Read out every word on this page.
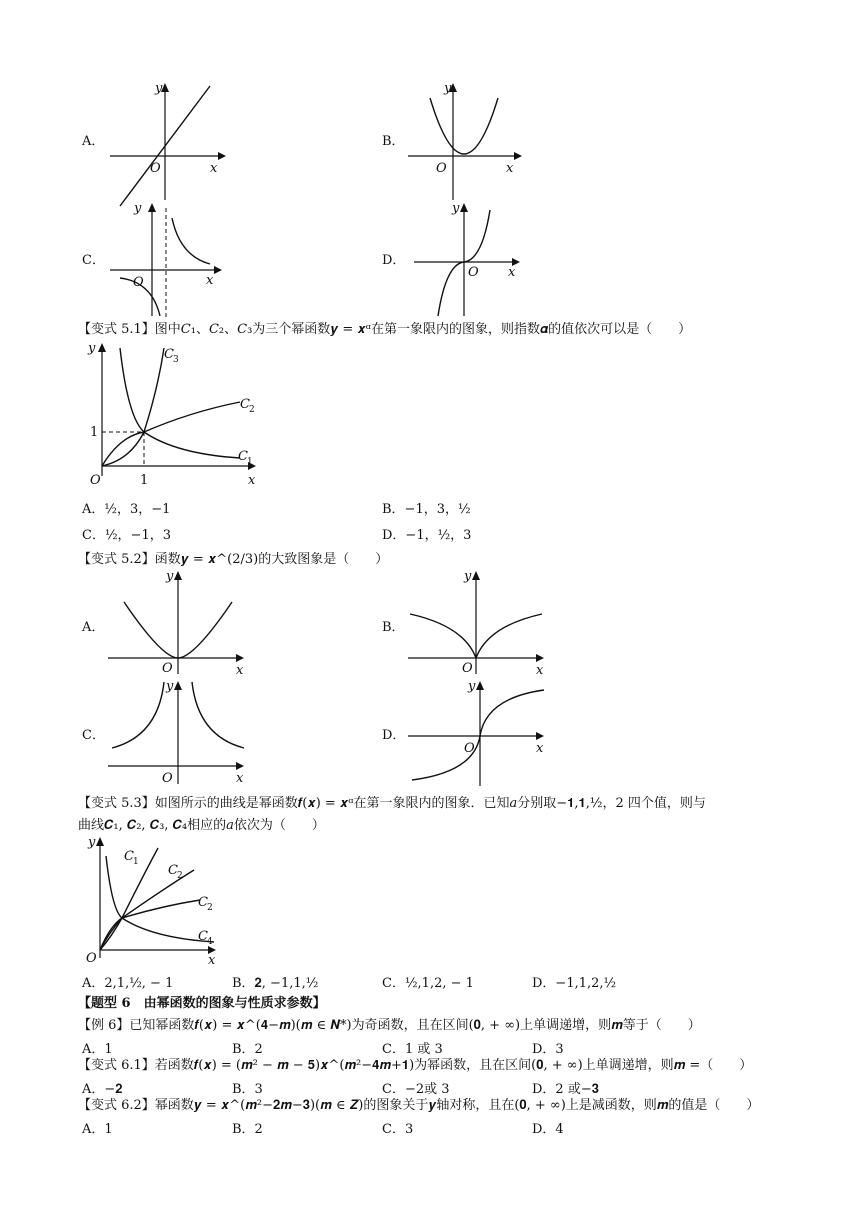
A．
y
O	x
B．
y
O	x
C．
y
O	x
D．
y
O x
【变式 5.1】图中𝐶₁、𝐶₂、𝐶₃为三个幂函数𝒚 = 𝒙ᵅ在第一象限内的图象，则指数𝜶的值依次可以是（　　）
y
O	x
1
1
C 3
C 2
C 1
A．½，3，−1	B．−1，3，½
C．½，−1，3	D．−1，½，3
【变式 5.2】函数𝒚 = 𝒙^(2/3)的大致图象是（　　）
A．
y
O	x
B．
y
O	x
C．
y
O	x
D．
y
O	x
【变式 5.3】如图所示的曲线是幂函数𝒇(𝒙) = 𝒙ᵅ在第一象限内的图象．已知𝑎分别取−𝟏,𝟏,½，2 四个值，则与
曲线𝑪₁, 𝑪₂, 𝑪₃, 𝑪₄相应的𝑎依次为（　　）
y
O	x
C 1
C 2
C 2
C 4
A．2,1,½, − 1	B．𝟐, −1,1,½	C．½,1,2, − 1	D．−1,1,2,½
【题型 6　由幂函数的图象与性质求参数】
【例 6】已知幂函数𝒇(𝒙) = 𝒙^(𝟒−𝒎)(𝒎 ∈ 𝑵*)为奇函数，且在区间(𝟎, + ∞)上单调递增，则𝒎等于（　　）
A．1	B．2	C．1 或 3	D．3
【变式 6.1】若函数𝒇(𝒙) = (𝒎² − 𝒎 − 𝟓)𝒙^(𝒎²−𝟒𝒎+𝟏)为幂函数，且在区间(𝟎, + ∞)上单调递增，则𝒎 =（　　）
A．−𝟐	B．3	C．−2或 3	D．2 或−𝟑
【变式 6.2】幂函数𝒚 = 𝒙^(𝒎²−𝟐𝒎−𝟑)(𝒎 ∈ 𝒁)的图象关于𝒚轴对称，且在(𝟎, + ∞)上是减函数，则𝒎的值是（　　）
A．1	B．2	C．3	D．4
